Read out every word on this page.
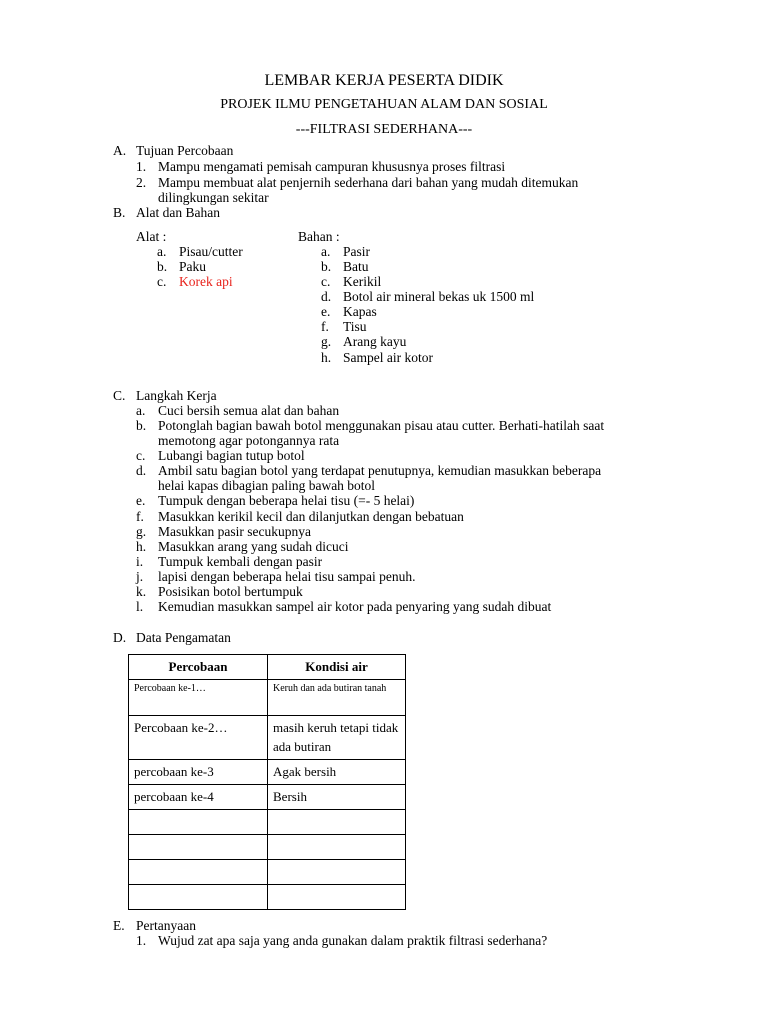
LEMBAR KERJA PESERTA DIDIK
PROJEK ILMU PENGETAHUAN ALAM DAN SOSIAL
---FILTRASI SEDERHANA---
A. Tujuan Percobaan
1. Mampu mengamati pemisah campuran khususnya proses filtrasi
2. Mampu membuat alat penjernih sederhana dari bahan yang mudah ditemukan
dilingkungan sekitar
B. Alat dan Bahan
Alat :	Bahan :
a. Pisau/cutter
b. Paku
c. Korek api
a. Pasir
b. Batu
c. Kerikil
d. Botol air mineral bekas uk 1500 ml
e. Kapas
f. Tisu
g. Arang kayu
h. Sampel air kotor
C. Langkah Kerja
a. Cuci bersih semua alat dan bahan
b. Potonglah bagian bawah botol menggunakan pisau atau cutter. Berhati-hatilah saat
memotong agar potongannya rata
c. Lubangi bagian tutup botol
d. Ambil satu bagian botol yang terdapat penutupnya, kemudian masukkan beberapa
helai kapas dibagian paling bawah botol
e. Tumpuk dengan beberapa helai tisu (=- 5 helai)
f. Masukkan kerikil kecil dan dilanjutkan dengan bebatuan
g. Masukkan pasir secukupnya
h. Masukkan arang yang sudah dicuci
i. Tumpuk kembali dengan pasir
j. lapisi dengan beberapa helai tisu sampai penuh.
k. Posisikan botol bertumpuk
l. Kemudian masukkan sampel air kotor pada penyaring yang sudah dibuat
D. Data Pengamatan
Percobaan	Kondisi air
Percobaan ke-1…	Keruh dan ada butiran tanah
Percobaan ke-2…	masih keruh tetapi tidak ada butiran
percobaan ke-3	Agak bersih
percobaan ke-4	Bersih

E. Pertanyaan
1. Wujud zat apa saja yang anda gunakan dalam praktik filtrasi sederhana?
